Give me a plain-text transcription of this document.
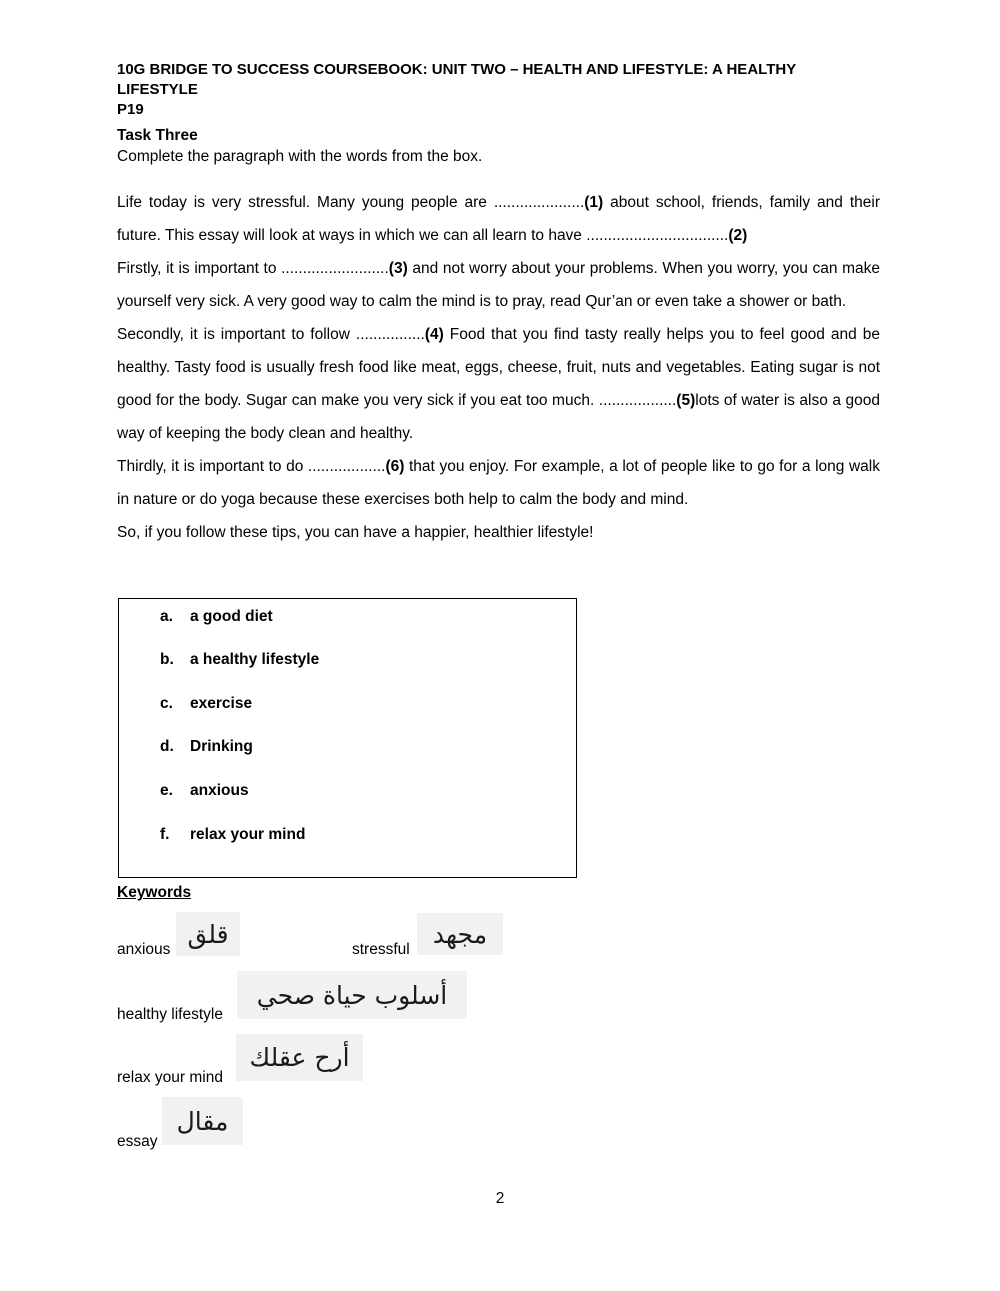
10G BRIDGE TO SUCCESS COURSEBOOK: UNIT TWO – HEALTH AND LIFESTYLE: A HEALTHY LIFESTYLE
P19
Task Three
Complete the paragraph with the words from the box.

Life today is very stressful. Many young people are .....................(1) about school, friends, family and their future. This essay will look at ways in which we can all learn to have .................................(2)

Firstly, it is important to .........................(3) and not worry about your problems. When you worry, you can make yourself very sick. A very good way to calm the mind is to pray, read Qur’an or even take a shower or bath.

Secondly, it is important to follow ................(4) Food that you find tasty really helps you to feel good and be healthy. Tasty food is usually fresh food like meat, eggs, cheese, fruit, nuts and vegetables. Eating sugar is not good for the body. Sugar can make you very sick if you eat too much. ..................(5)lots of water is also a good way of keeping the body clean and healthy.

Thirdly, it is important to do ..................(6) that you enjoy. For example, a lot of people like to go for a long walk in nature or do yoga because these exercises both help to calm the body and mind.

So, if you follow these tips, you can have a happier, healthier lifestyle!

a. a good diet
b. a healthy lifestyle
c. exercise
d. Drinking
e. anxious
f. relax your mind
Keywords
anxious
قلق
stressful
مجهد
healthy lifestyle
أسلوب حياة صحي
relax your mind
أرح عقلك
essay
مقال
2
